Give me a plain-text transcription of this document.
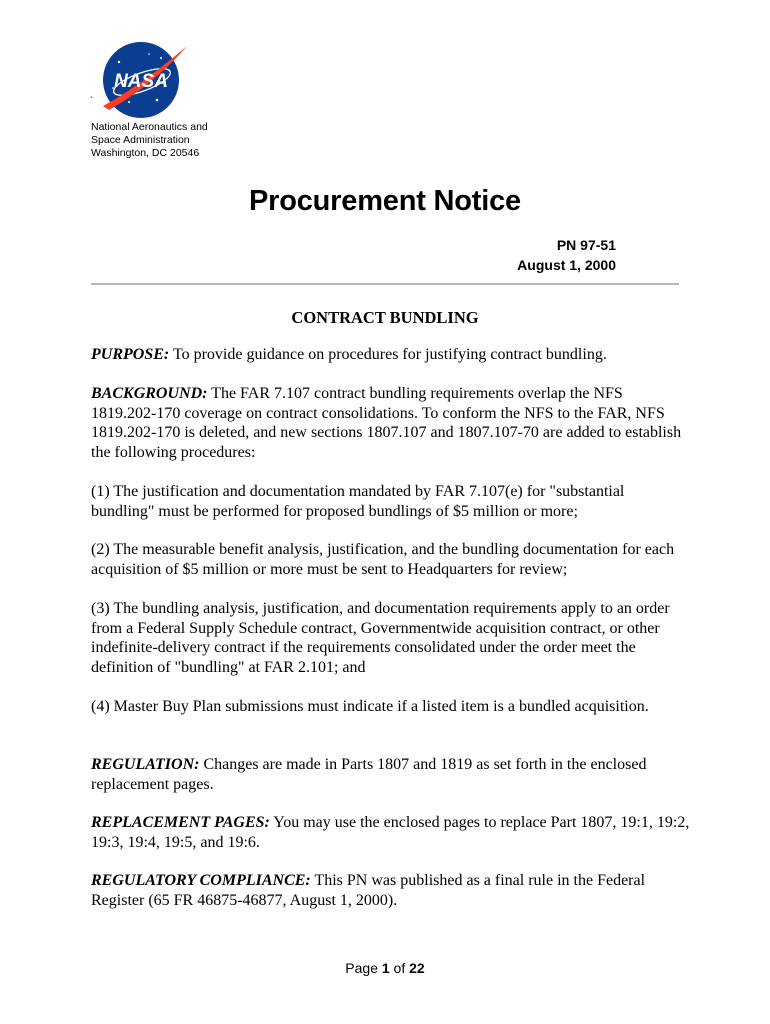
NASA
`
National Aeronautics and
Space Administration
Washington, DC 20546
Procurement Notice
PN 97-51
August 1, 2000
CONTRACT BUNDLING
PURPOSE: To provide guidance on procedures for justifying contract bundling.
BACKGROUND: The FAR 7.107 contract bundling requirements overlap the NFS 1819.202-170 coverage on contract consolidations. To conform the NFS to the FAR, NFS 1819.202-170 is deleted, and new sections 1807.107 and 1807.107-70 are added to establish the following procedures:
(1) The justification and documentation mandated by FAR 7.107(e) for "substantial bundling" must be performed for proposed bundlings of $5 million or more;
(2) The measurable benefit analysis, justification, and the bundling documentation for each acquisition of $5 million or more must be sent to Headquarters for review;
(3) The bundling analysis, justification, and documentation requirements apply to an order from a Federal Supply Schedule contract, Governmentwide acquisition contract, or other indefinite-delivery contract if the requirements consolidated under the order meet the definition of "bundling" at FAR 2.101; and
(4) Master Buy Plan submissions must indicate if a listed item is a bundled acquisition.
REGULATION: Changes are made in Parts 1807 and 1819 as set forth in the enclosed replacement pages.
REPLACEMENT PAGES: You may use the enclosed pages to replace Part 1807, 19:1, 19:2, 19:3, 19:4, 19:5, and 19:6.
REGULATORY COMPLIANCE: This PN was published as a final rule in the Federal Register (65 FR 46875-46877, August 1, 2000).
Page 1 of 22
